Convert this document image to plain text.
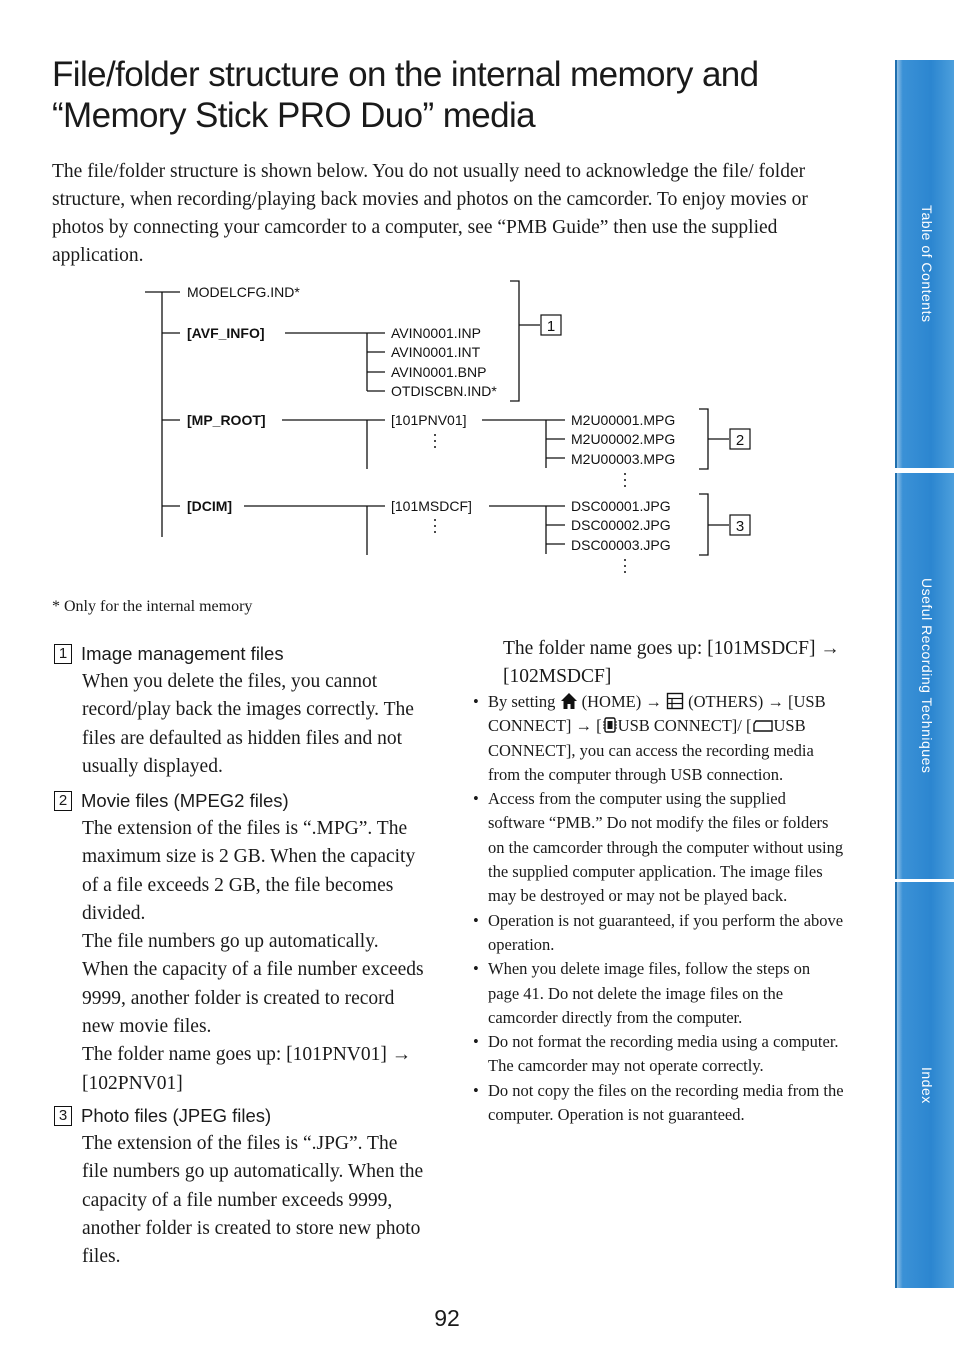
File/folder structure on the internal memory and
“Memory Stick PRO Duo” media

The file/folder structure is shown below. You do not usually need to acknowledge the file/ folder structure, when recording/playing back movies and photos on the camcorder. To enjoy movies or photos by connecting your camcorder to a computer, see “PMB Guide” then use the supplied application.

MODELCFG.IND*
[AVF_INFO]	AVIN0001.INP
AVIN0001.INT
AVIN0001.BNP
OTDISCBN.IND*
[MP_ROOT]	[101PNV01]	M2U00001.MPG
M2U00002.MPG
M2U00003.MPG
[DCIM]	[101MSDCF]	DSC00001.JPG
DSC00002.JPG
DSC00003.JPG
1
2
3

* Only for the internal memory

1 Image management files

When you delete the files, you cannot record/play back the images correctly. The files are defaulted as hidden files and not usually displayed.

2 Movie files (MPEG2 files)

The extension of the files is “.MPG”. The maximum size is 2 GB. When the capacity of a file exceeds 2 GB, the file becomes divided.

The file numbers go up automatically. When the capacity of a file number exceeds 9999, another folder is created to record new movie files.

The folder name goes up: [101PNV01] → [102PNV01]

3 Photo files (JPEG files)

The extension of the files is “.JPG”. The file numbers go up automatically. When the capacity of a file number exceeds 9999, another folder is created to store new photo files.

The folder name goes up: [101MSDCF] → [102MSDCF]

• By setting (HOME) → (OTHERS) → [USB CONNECT] → [ USB CONNECT]/ [ USB CONNECT], you can access the recording media from the computer through USB connection.
• Access from the computer using the supplied software “PMB.” Do not modify the files or folders on the camcorder through the computer without using the supplied computer application. The image files may be destroyed or may not be played back.
• Operation is not guaranteed, if you perform the above operation.
• When you delete image files, follow the steps on page 41. Do not delete the image files on the camcorder directly from the computer.
• Do not format the recording media using a computer. The camcorder may not operate correctly.
• Do not copy the files on the recording media from the computer. Operation is not guaranteed.
Table of Contents
Useful Recording Techniques
Index
92
